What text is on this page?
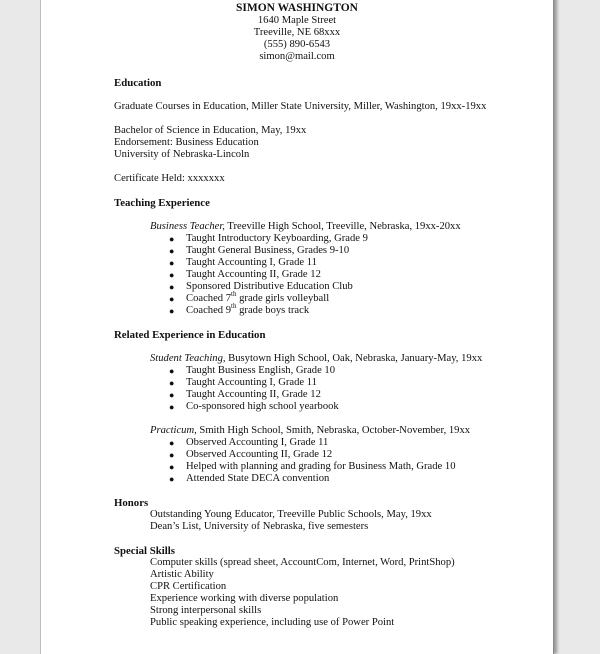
SIMON WASHINGTON
1640 Maple Street
Treeville, NE 68xxx
(555) 890-6543
simon@mail.com
Education
Graduate Courses in Education, Miller State University, Miller, Washington, 19xx-19xx
Bachelor of Science in Education, May, 19xx
Endorsement: Business Education
University of Nebraska-Lincoln
Certificate Held: xxxxxxx
Teaching Experience
Business Teacher, Treeville High School, Treeville, Nebraska, 19xx-20xx
● Taught Introductory Keyboarding, Grade 9
● Taught General Business, Grades 9-10
● Taught Accounting I, Grade 11
● Taught Accounting II, Grade 12
● Sponsored Distributive Education Club
● Coached 7th grade girls volleyball
● Coached 9th grade boys track
Related Experience in Education
Student Teaching, Busytown High School, Oak, Nebraska, January-May, 19xx
● Taught Business English, Grade 10
● Taught Accounting I, Grade 11
● Taught Accounting II, Grade 12
● Co-sponsored high school yearbook
Practicum, Smith High School, Smith, Nebraska, October-November, 19xx
● Observed Accounting I, Grade 11
● Observed Accounting II, Grade 12
● Helped with planning and grading for Business Math, Grade 10
● Attended State DECA convention
Honors
Outstanding Young Educator, Treeville Public Schools, May, 19xx
Dean’s List, University of Nebraska, five semesters
Special Skills
Computer skills (spread sheet, AccountCom, Internet, Word, PrintShop)
Artistic Ability
CPR Certification
Experience working with diverse population
Strong interpersonal skills
Public speaking experience, including use of Power Point
